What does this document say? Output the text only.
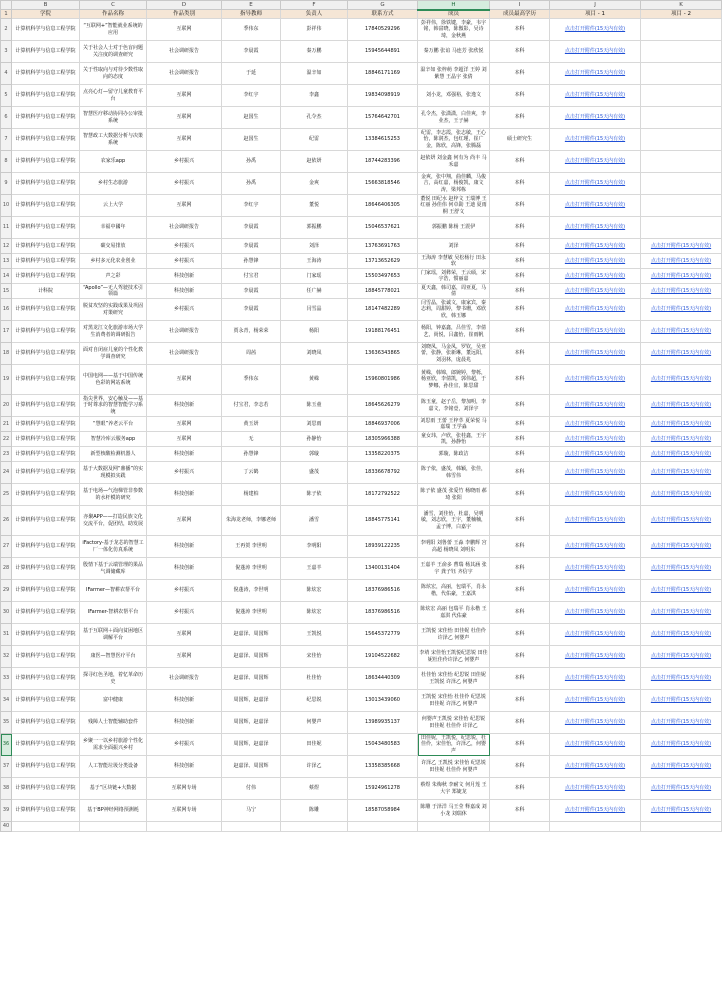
	B	C	D	E	F	G	H	I	J	K	
1	学院	作品名称	作品类别	指导教师	负责人	联系方式	成员	成员最高学历	项目 - 1	项目 - 2	
2	计算机科学与信息工程学院	“互联网+”智能就业系统的应用	互联网	季伟东	彭祥伟	17840529296	彭祥伟，徐铁键，李豪，韦宇铭，韩富晓，陈傲影，吴诗琦，金秋燕	本科	点击打开附件(15天内有效)		
3	计算机科学与信息工程学院	关于社会人士对于色盲问题关注度的调查研究	社会调研报告	李晨霞	秦万鹏	15945644891	秦万鹏 张谊 马连芳 张欣悦	本科	点击打开附件(15天内有效)		
4	计算机科学与信息工程学院	关于性取向与对待少数性取向的态度	社会调研报告	于延	温辛如	18846171169	温辛如 张梓萌 李超洋 王婷 刘紫慧 王晶宇 张倩	本科	点击打开附件(15天内有效)		
5	计算机科学与信息工程学院	点亮心灯—留守儿童教育平台	互联网	李红宇	李鑫	19834098919	刘小龙，邓强裕，张逸文	本科	点击打开附件(15天内有效)		
6	计算机科学与信息工程学院	智慧医疗移动协同办公审批系统	互联网	赵国生	孔令杰	15764642701	孔令杰，张潇潇，白佳爽，李业杰，王子赫	本科	点击打开附件(15天内有效)		
7	计算机科学与信息工程学院	智慧政工大数据分析与决策系统	互联网	赵国生	纪雷	13384615253	纪雷，李志霞，张志敏，王心怡，陈润杰，包红瑾，崔广金，陈欣，高锋，张腾磊	硕士研究生	点击打开附件(15天内有效)		
8	计算机科学与信息工程学院	农家乐app	乡村振兴	孙禹	赵依妍	18744283396	赵依妍 刘金鑫 何有为 尚丰 马禾嘉	本科	点击打开附件(15天内有效)		
9	计算机科学与信息工程学院	乡村生态旅游	乡村振兴	孙禹	金爽	15663818546	金爽，张中翔，曲佳麟，马俊吉，高红嘉，杨俊凯，康文涛，梁邦栋	本科	点击打开附件(15天内有效)		
10	计算机科学与信息工程学院	云上大学	互联网	李红宇	董悦	18646406305	董悦 田纪水 赵梓文 王瑞博 王红丽 孙佳伟 何卓勋 王迪 夏雨桐 王舒文	本科	点击打开附件(15天内有效)		
11	计算机科学与信息工程学院	幸福中國年	社会调研报告	李晨霞	郭振鹏	15046537621	郭振鹏 陈杨 王震伊	本科	点击打开附件(15天内有效)		
12	计算机科学与信息工程学院	碳交易排放	乡村振兴	李晨霞	刘泽	13763691763	刘泽	本科	点击打开附件(15天内有效)	点击打开附件(15天内有效)	
13	计算机科学与信息工程学院	乡村多元化农业创业	乡村振兴	孙慧锋	王海涛	13713652629	王海涛 李慧敏 吴松杨行 田永软	本科	点击打开附件(15天内有效)	点击打开附件(15天内有效)	
14	计算机科学与信息工程学院	声之彩	科技创新	付宝君	门家瑶	15503497653	门家瑶，刘彝荣，王云硕，宋宇浩，惯丽嘉	本科	点击打开附件(15天内有效)	点击打开附件(15天内有效)	
15	计科院	“Apollo”—无人驾驶技术引领篇	科技创新	李晨霞	任广赫	18845778021	夏天鑫，韩司嘉，周亚夏，马倩	本科	点击打开附件(15天内有效)	点击打开附件(15天内有效)	
16	计算机科学与信息工程学院	脱贫攻坚的实践成果及巩固对策研究	乡村振兴	李晨霞	闫雪晶	18147482289	闫雪晶，张诚文，康家宾，秦志莉，周甜婷，黎书珊，邓欣欣，韩玉娜	本科	点击打开附件(15天内有效)	点击打开附件(15天内有效)	
17	计算机科学与信息工程学院	对黑龙江文化旅游市场大学生消费者的调研报告	社会调研报告	贾永青，杨荣荣	杨阳	19188176451	杨阳，钟嘉鑫，吕佳雪，李倩艺，尚悦，吕鑫怡，崔雨帆	本科	点击打开附件(15天内有效)	点击打开附件(15天内有效)	
18	计算机科学与信息工程学院	面对自闭症儿童的个性化教学调查研究	社会调研报告	周茜	刘晓凤	13636343865	刘晓凤，马金凤，罗钦，吴亚蕾，张静，张新琳，董远阳，刘羽林，庞晨兆	本科	点击打开附件(15天内有效)	点击打开附件(15天内有效)	
19	计算机科学与信息工程学院	中国电网——基于中国传统色彩的网站系统	互联网	季伟东	黄嵘	15960801986	黄嵘，韩锦，郎婉婷，黎栎，杨亚欣，李倩凯，郭伟超，于梦娜，孙佳宜，陈思甜	本科	点击打开附件(15天内有效)	点击打开附件(15天内有效)	
20	计算机科学与信息工程学院	指尖世界，安心触及——基于时尊求的智慧智能学习系统	科技创新	付宝君，李志若	陈玉童	18645626279	陈玉童，赵子岳，黎加明，李嘉文，李铭壹，刘泽宇	本科	点击打开附件(15天内有效)	点击打开附件(15天内有效)	
21	计算机科学与信息工程学院	“慧眼”养老云平台	互联网	黄玉妍	刘思雨	18846937006	刘思雨 王蕾 王梓萃 夏荣悦 马嘉瑞 王学淼	本科	点击打开附件(15天内有效)	点击打开附件(15天内有效)	
22	计算机科学与信息工程学院	智慧冷库云服务app	互联网	无	孙静怡	18305966388	童女玮，卢欣，张桂鑫，王宇凯，孙静怡	本科	点击打开附件(15天内有效)	点击打开附件(15天内有效)	
23	计算机科学与信息工程学院	新型核酸检测机器人	科技创新	孙慧锋	郭璇	13358220375	郭璇，陈政洁	本科	点击打开附件(15天内有效)	点击打开附件(15天内有效)	
24	计算机科学与信息工程学院	基于大数据及网“鼎播”的实现模拟实践	乡村振兴	丁云鹤	盛茂	18336678792	陈子依，盛茂，韩颖，张佳，韩雪伟	本科	点击打开附件(15天内有效)	点击打开附件(15天内有效)	
25	计算机科学与信息工程学院	基于电场—气泡梯管非参数的水杆模的研究	科技创新	杨建柏	陈子依	18172792522	陈子依 盛茂 张爱竹 杨晓雨 郝琦 张阳	本科	点击打开附件(15天内有效)	点击打开附件(15天内有效)	
26	计算机科学与信息工程学院	亦聚APP——打造民族文化交流平台，促团结，助发展	互联网	朱海龙老师，李娜老师	潘雪	18845775141	潘雪，刘佳怡，杜嘉，吴明敏，刘志欣，王宇，董楠楠，孟子博，白嘉宇	本科	点击打开附件(15天内有效)	点击打开附件(15天内有效)	
27	计算机科学与信息工程学院	iFactory-基于龙芯的智慧工厂一体化仿真系统	科技创新	王再贺 李世明	李明阳	18939122235	李明阳 刘鲁蕾 王淼 李鹏辉 宫高超 杨晓凤 刘明东	本科	点击打开附件(15天内有效)	点击打开附件(15天内有效)	
28	计算机科学与信息工程学院	殷情下基于云端管理的果品气调储藏库	科技创新	倪蓬涛 李世明	王嘉羊	13400131404	王嘉羊 王俞多 曹瑞 杨其涵 张宇 龚子钰 齐信宇	本科	点击打开附件(15天内有效)	点击打开附件(15天内有效)	
29	计算机科学与信息工程学院	IFarmer—智耕农帮平台	乡村振兴	倪蓬涛，李世明	陈炫宏	18376986516	陈炫宏，高丽，包瑞平，肖永楷，代佑豪，王嘉淇	本科	点击打开附件(15天内有效)	点击打开附件(15天内有效)	
30	计算机科学与信息工程学院	IFarmer-智耕农帮平台	乡村振兴	倪蓬涛 李世明	陈炫宏	18376986516	陈炫宏 高丽 包瑞平 肖永楷 王嘉淇 代佑豪	本科	点击打开附件(15天内有效)	点击打开附件(15天内有效)	
31	计算机科学与信息工程学院	基于互联网＋面向贫困地区调解平台	互联网	赵嘉泽、周国辉	王凯悦	15645372779	王凯悦 宋佳怡 田佳妮 杜佳伶 许泽乙 何婴声	本科	点击打开附件(15天内有效)	点击打开附件(15天内有效)	
32	计算机科学与信息工程学院	康医—智慧医疗平台	互联网	赵嘉泽、周国辉	宋佳怡	19104522682	李靖 宋佳怡王凯悦纪思锐 田佳妮杜佳伶许泽乙 何婴声	本科	点击打开附件(15天内有效)	点击打开附件(15天内有效)	
33	计算机科学与信息工程学院	探寻红色圣地，着忆革命历史	社会调研报告	赵嘉泽、周国辉	杜佳怡	18634440309	杜佳怡 宋佳怡 纪思锐 田佳妮 王凯悦 许泽乙 何婴声	本科	点击打开附件(15天内有效)	点击打开附件(15天内有效)	
34	计算机科学与信息工程学院	富中健康	科技创新	周国辉，赵嘉泽	纪思锐	13013439060	王凯悦 宋佳怡 杜佳伶 纪思锐 田佳妮 许泽乙 何婴声	本科	点击打开附件(15天内有效)	点击打开附件(15天内有效)	
35	计算机科学与信息工程学院	残障人士智能辅助套件	科技创新	周国辉，赵嘉泽	何婴声	13989935137	何婴声王凯悦 宋佳怡 纪思锐 田佳妮 杜佳伶 许泽乙	本科	点击打开附件(15天内有效)	点击打开附件(15天内有效)	
36	计算机科学与信息工程学院	乡聚一一以乡村旅游个性化需求全面振兴乡村	乡村振兴	周国辉，赵嘉泽	田佳妮	15043480583	田佳妮，王凯悦，纪思锐，杜佳伶，宋佳怡，许泽乙，何婴声	本科	点击打开附件(15天内有效)	点击打开附件(15天内有效)	
37	计算机科学与信息工程学院	人工智能垃圾分类设备	科技创新	赵嘉泽、周国辉	许泽乙	13358385668	许泽乙 王凯悦 宋佳怡 纪思锐 田佳妮 杜佳伶 何婴声	本科	点击打开附件(15天内有效)	点击打开附件(15天内有效)	
38	计算机科学与信息工程学院	基于“区块链+大数据	互联网专场	付伟	蔡煜	15924961278	蔡煜 朱梅秋 李耐文 何月莲 王大宇 郑婕龙	本科	点击打开附件(15天内有效)	点击打开附件(15天内有效)	
39	计算机科学与信息工程学院	基于BP神经网络预测耗	互联网专场	马宁	陈雕	18587058984	陈雕 于泽洋 马王莹 释嘉成 刘小龙 刘瑞休	本科	点击打开附件(15天内有效)	点击打开附件(15天内有效)	
40											
